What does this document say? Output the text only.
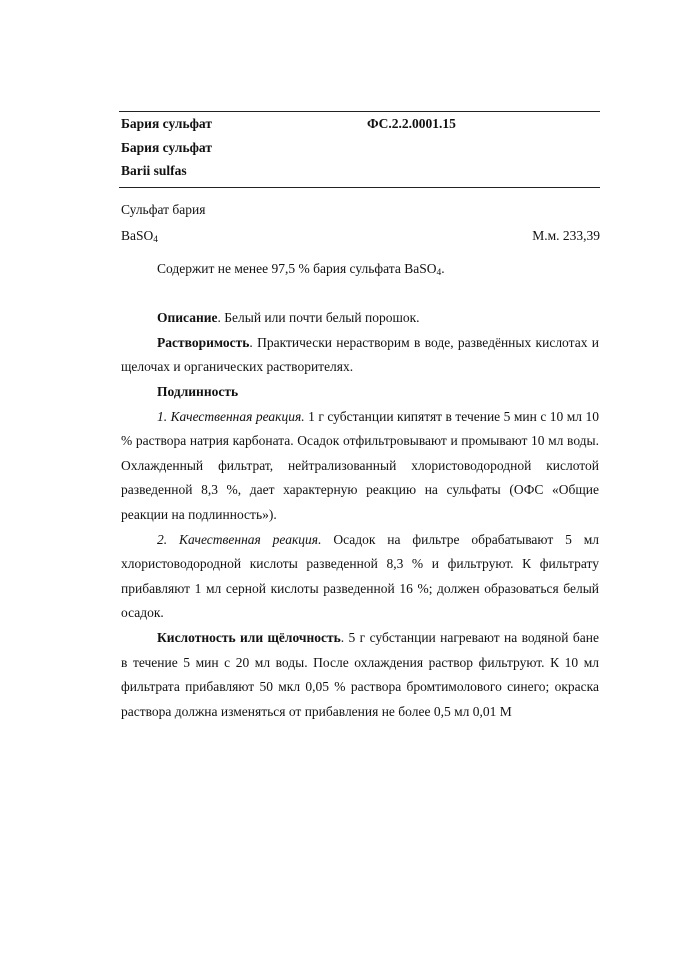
Бария сульфат	ФС.2.2.0001.15
Бария сульфат
Barii sulfas
Сульфат бария
BaSO$_4$	М.м. 233,39

Содержит не менее 97,5 % бария сульфата BaSO$_4$.

Описание. Белый или почти белый порошок.

Растворимость. Практически нерастворим в воде, разведённых кислотах и щелочах и органических растворителях.

Подлинность

1. Качественная реакция. 1 г субстанции кипятят в течение 5 мин с 10 мл 10 % раствора натрия карбоната. Осадок отфильтровывают и промывают 10 мл воды. Охлажденный фильтрат, нейтрализованный хлористоводородной кислотой разведенной 8,3 %, дает характерную реакцию на сульфаты (ОФС «Общие реакции на подлинность»).

2. Качественная реакция. Осадок на фильтре обрабатывают 5 мл хлористоводородной кислоты разведенной 8,3 % и фильтруют. К фильтрату прибавляют 1 мл серной кислоты разведенной 16 %; должен образоваться белый осадок.

Кислотность или щёлочность. 5 г субстанции нагревают на водяной бане в течение 5 мин с 20 мл воды. После охлаждения раствор фильтруют. К 10 мл фильтрата прибавляют 50 мкл 0,05 % раствора бромтимолового синего; окраска раствора должна изменяться от прибавления не более 0,5 мл 0,01 М
